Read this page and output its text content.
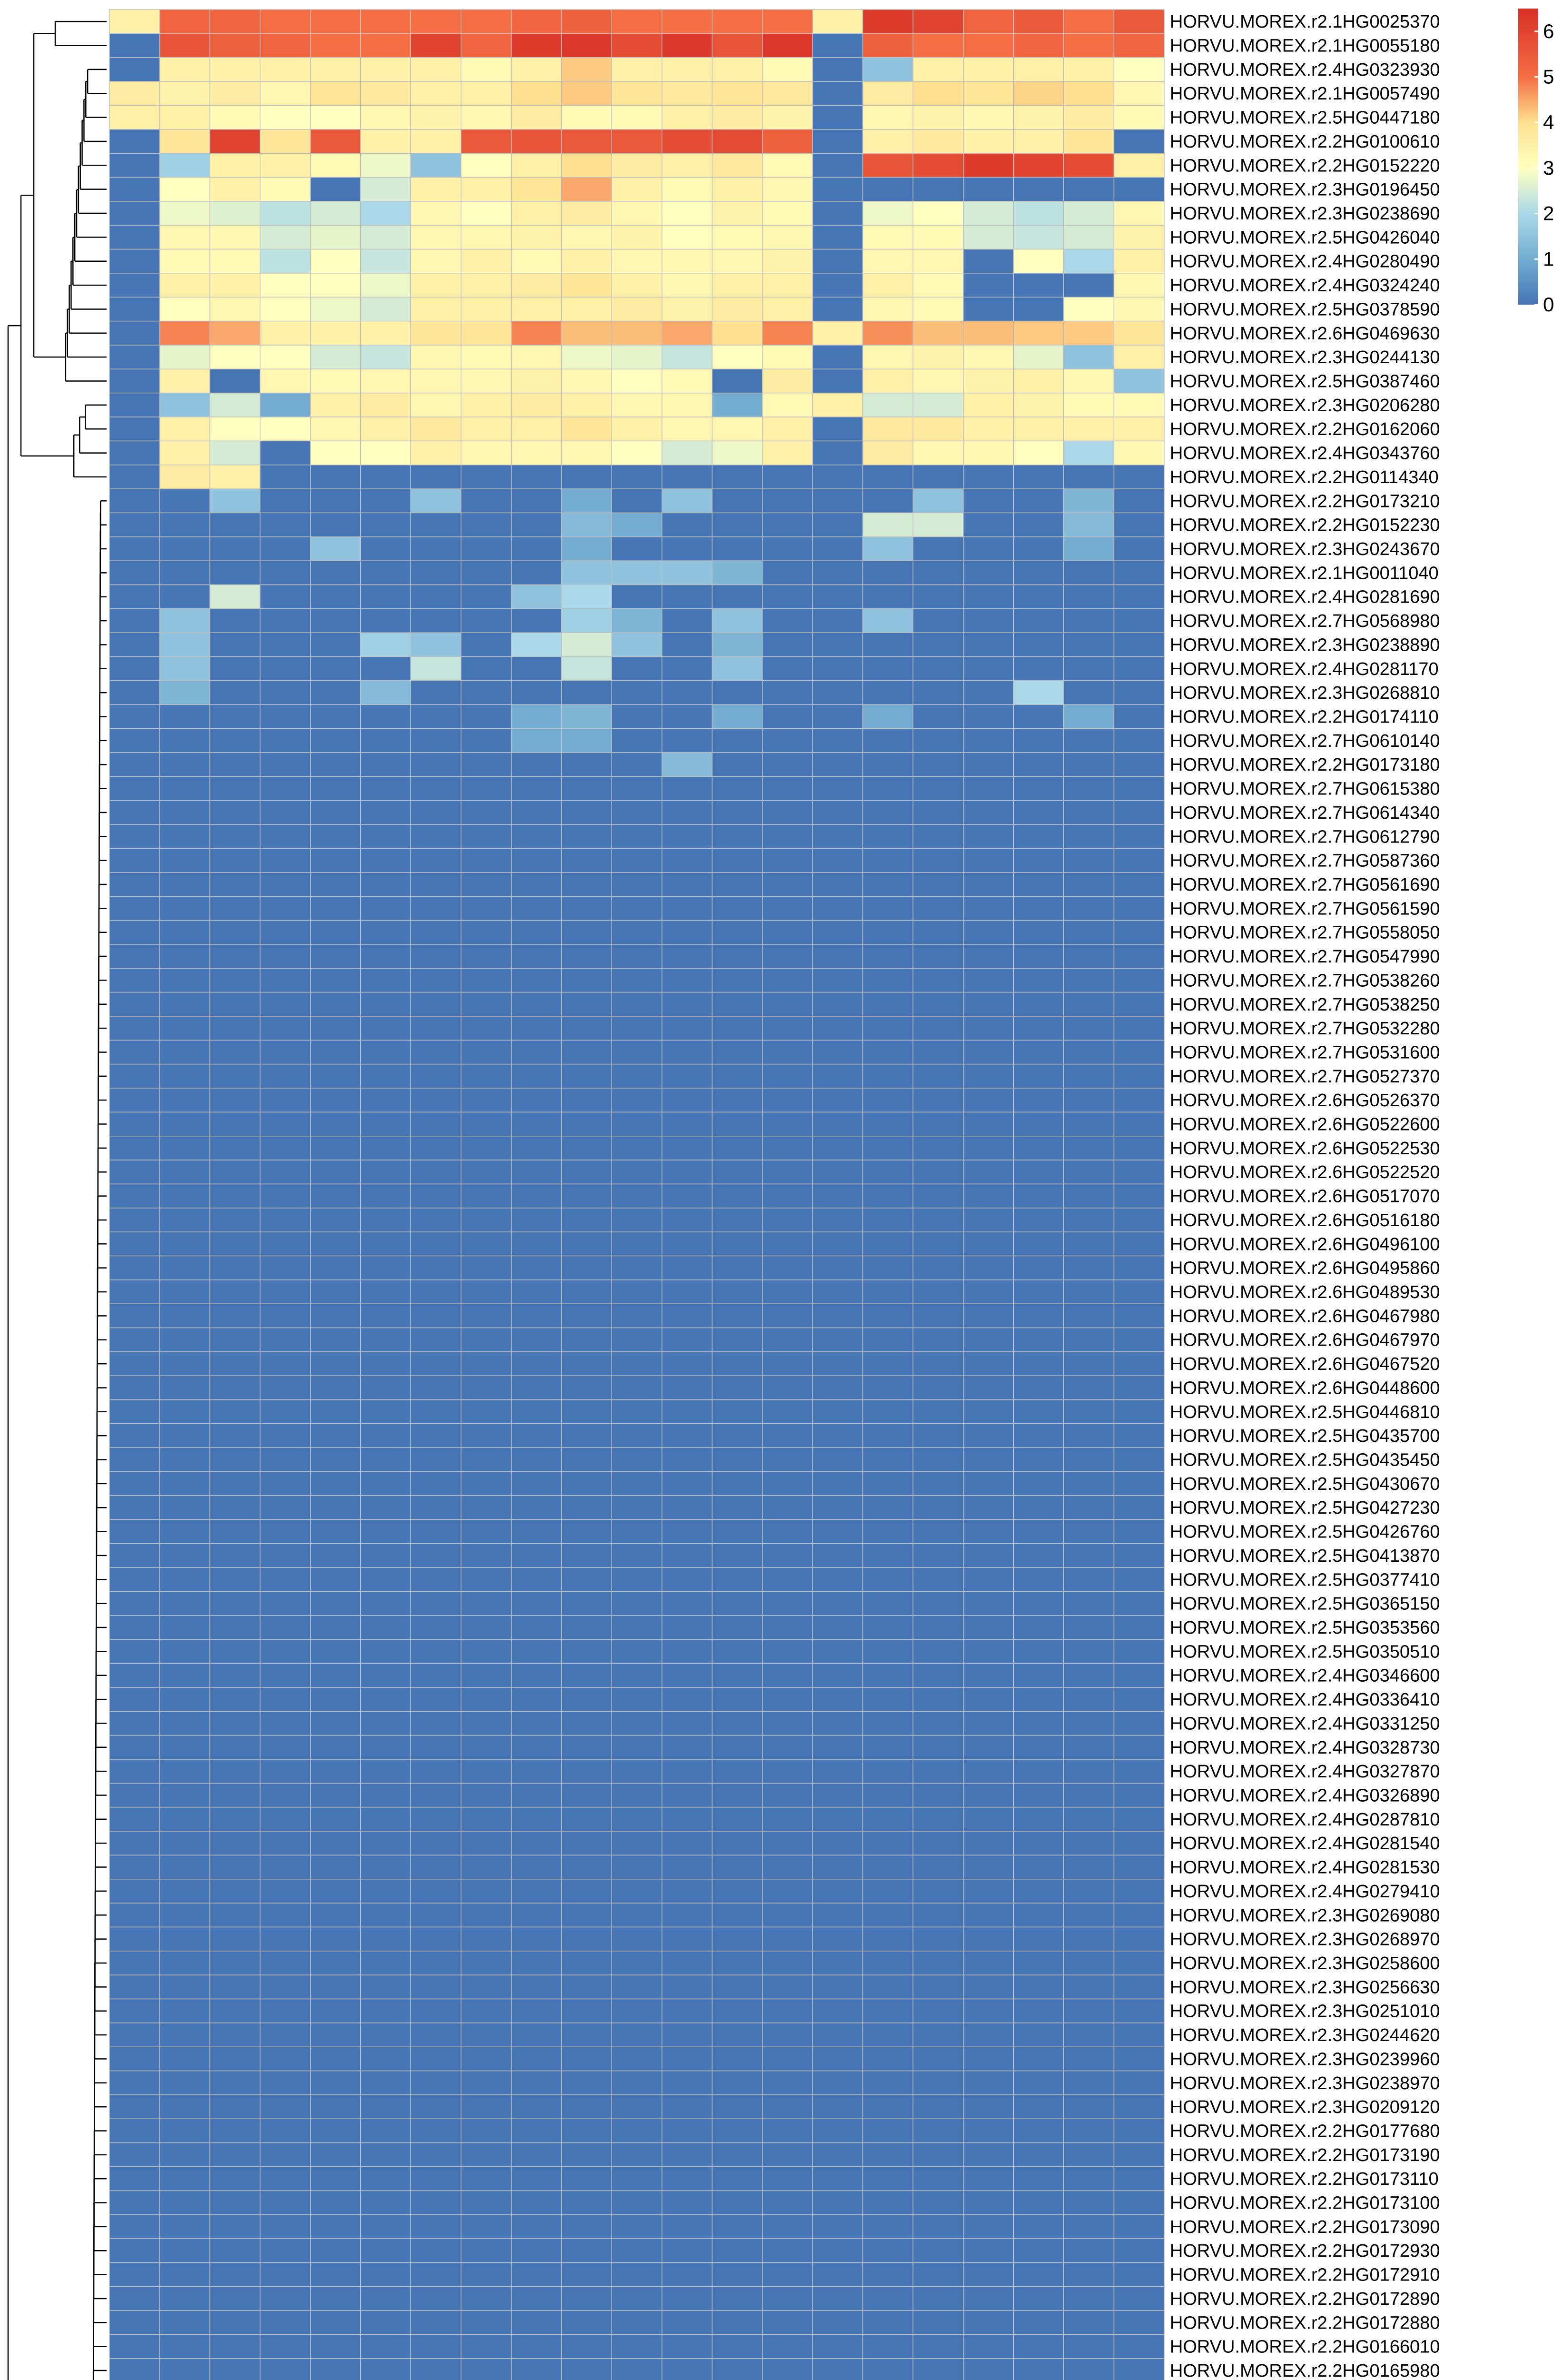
HORVU.MOREX.r2.1HG0025370
HORVU.MOREX.r2.1HG0055180
HORVU.MOREX.r2.4HG0323930
HORVU.MOREX.r2.1HG0057490
HORVU.MOREX.r2.5HG0447180
HORVU.MOREX.r2.2HG0100610
HORVU.MOREX.r2.2HG0152220
HORVU.MOREX.r2.3HG0196450
HORVU.MOREX.r2.3HG0238690
HORVU.MOREX.r2.5HG0426040
HORVU.MOREX.r2.4HG0280490
HORVU.MOREX.r2.4HG0324240
HORVU.MOREX.r2.5HG0378590
HORVU.MOREX.r2.6HG0469630
HORVU.MOREX.r2.3HG0244130
HORVU.MOREX.r2.5HG0387460
HORVU.MOREX.r2.3HG0206280
HORVU.MOREX.r2.2HG0162060
HORVU.MOREX.r2.4HG0343760
HORVU.MOREX.r2.2HG0114340
HORVU.MOREX.r2.2HG0173210
HORVU.MOREX.r2.2HG0152230
HORVU.MOREX.r2.3HG0243670
HORVU.MOREX.r2.1HG0011040
HORVU.MOREX.r2.4HG0281690
HORVU.MOREX.r2.7HG0568980
HORVU.MOREX.r2.3HG0238890
HORVU.MOREX.r2.4HG0281170
HORVU.MOREX.r2.3HG0268810
HORVU.MOREX.r2.2HG0174110
HORVU.MOREX.r2.7HG0610140
HORVU.MOREX.r2.2HG0173180
HORVU.MOREX.r2.7HG0615380
HORVU.MOREX.r2.7HG0614340
HORVU.MOREX.r2.7HG0612790
HORVU.MOREX.r2.7HG0587360
HORVU.MOREX.r2.7HG0561690
HORVU.MOREX.r2.7HG0561590
HORVU.MOREX.r2.7HG0558050
HORVU.MOREX.r2.7HG0547990
HORVU.MOREX.r2.7HG0538260
HORVU.MOREX.r2.7HG0538250
HORVU.MOREX.r2.7HG0532280
HORVU.MOREX.r2.7HG0531600
HORVU.MOREX.r2.7HG0527370
HORVU.MOREX.r2.6HG0526370
HORVU.MOREX.r2.6HG0522600
HORVU.MOREX.r2.6HG0522530
HORVU.MOREX.r2.6HG0522520
HORVU.MOREX.r2.6HG0517070
HORVU.MOREX.r2.6HG0516180
HORVU.MOREX.r2.6HG0496100
HORVU.MOREX.r2.6HG0495860
HORVU.MOREX.r2.6HG0489530
HORVU.MOREX.r2.6HG0467980
HORVU.MOREX.r2.6HG0467970
HORVU.MOREX.r2.6HG0467520
HORVU.MOREX.r2.6HG0448600
HORVU.MOREX.r2.5HG0446810
HORVU.MOREX.r2.5HG0435700
HORVU.MOREX.r2.5HG0435450
HORVU.MOREX.r2.5HG0430670
HORVU.MOREX.r2.5HG0427230
HORVU.MOREX.r2.5HG0426760
HORVU.MOREX.r2.5HG0413870
HORVU.MOREX.r2.5HG0377410
HORVU.MOREX.r2.5HG0365150
HORVU.MOREX.r2.5HG0353560
HORVU.MOREX.r2.5HG0350510
HORVU.MOREX.r2.4HG0346600
HORVU.MOREX.r2.4HG0336410
HORVU.MOREX.r2.4HG0331250
HORVU.MOREX.r2.4HG0328730
HORVU.MOREX.r2.4HG0327870
HORVU.MOREX.r2.4HG0326890
HORVU.MOREX.r2.4HG0287810
HORVU.MOREX.r2.4HG0281540
HORVU.MOREX.r2.4HG0281530
HORVU.MOREX.r2.4HG0279410
HORVU.MOREX.r2.3HG0269080
HORVU.MOREX.r2.3HG0268970
HORVU.MOREX.r2.3HG0258600
HORVU.MOREX.r2.3HG0256630
HORVU.MOREX.r2.3HG0251010
HORVU.MOREX.r2.3HG0244620
HORVU.MOREX.r2.3HG0239960
HORVU.MOREX.r2.3HG0238970
HORVU.MOREX.r2.3HG0209120
HORVU.MOREX.r2.2HG0177680
HORVU.MOREX.r2.2HG0173190
HORVU.MOREX.r2.2HG0173110
HORVU.MOREX.r2.2HG0173100
HORVU.MOREX.r2.2HG0173090
HORVU.MOREX.r2.2HG0172930
HORVU.MOREX.r2.2HG0172910
HORVU.MOREX.r2.2HG0172890
HORVU.MOREX.r2.2HG0172880
HORVU.MOREX.r2.2HG0166010
HORVU.MOREX.r2.2HG0165980
0
1
2
3
4
5
6
